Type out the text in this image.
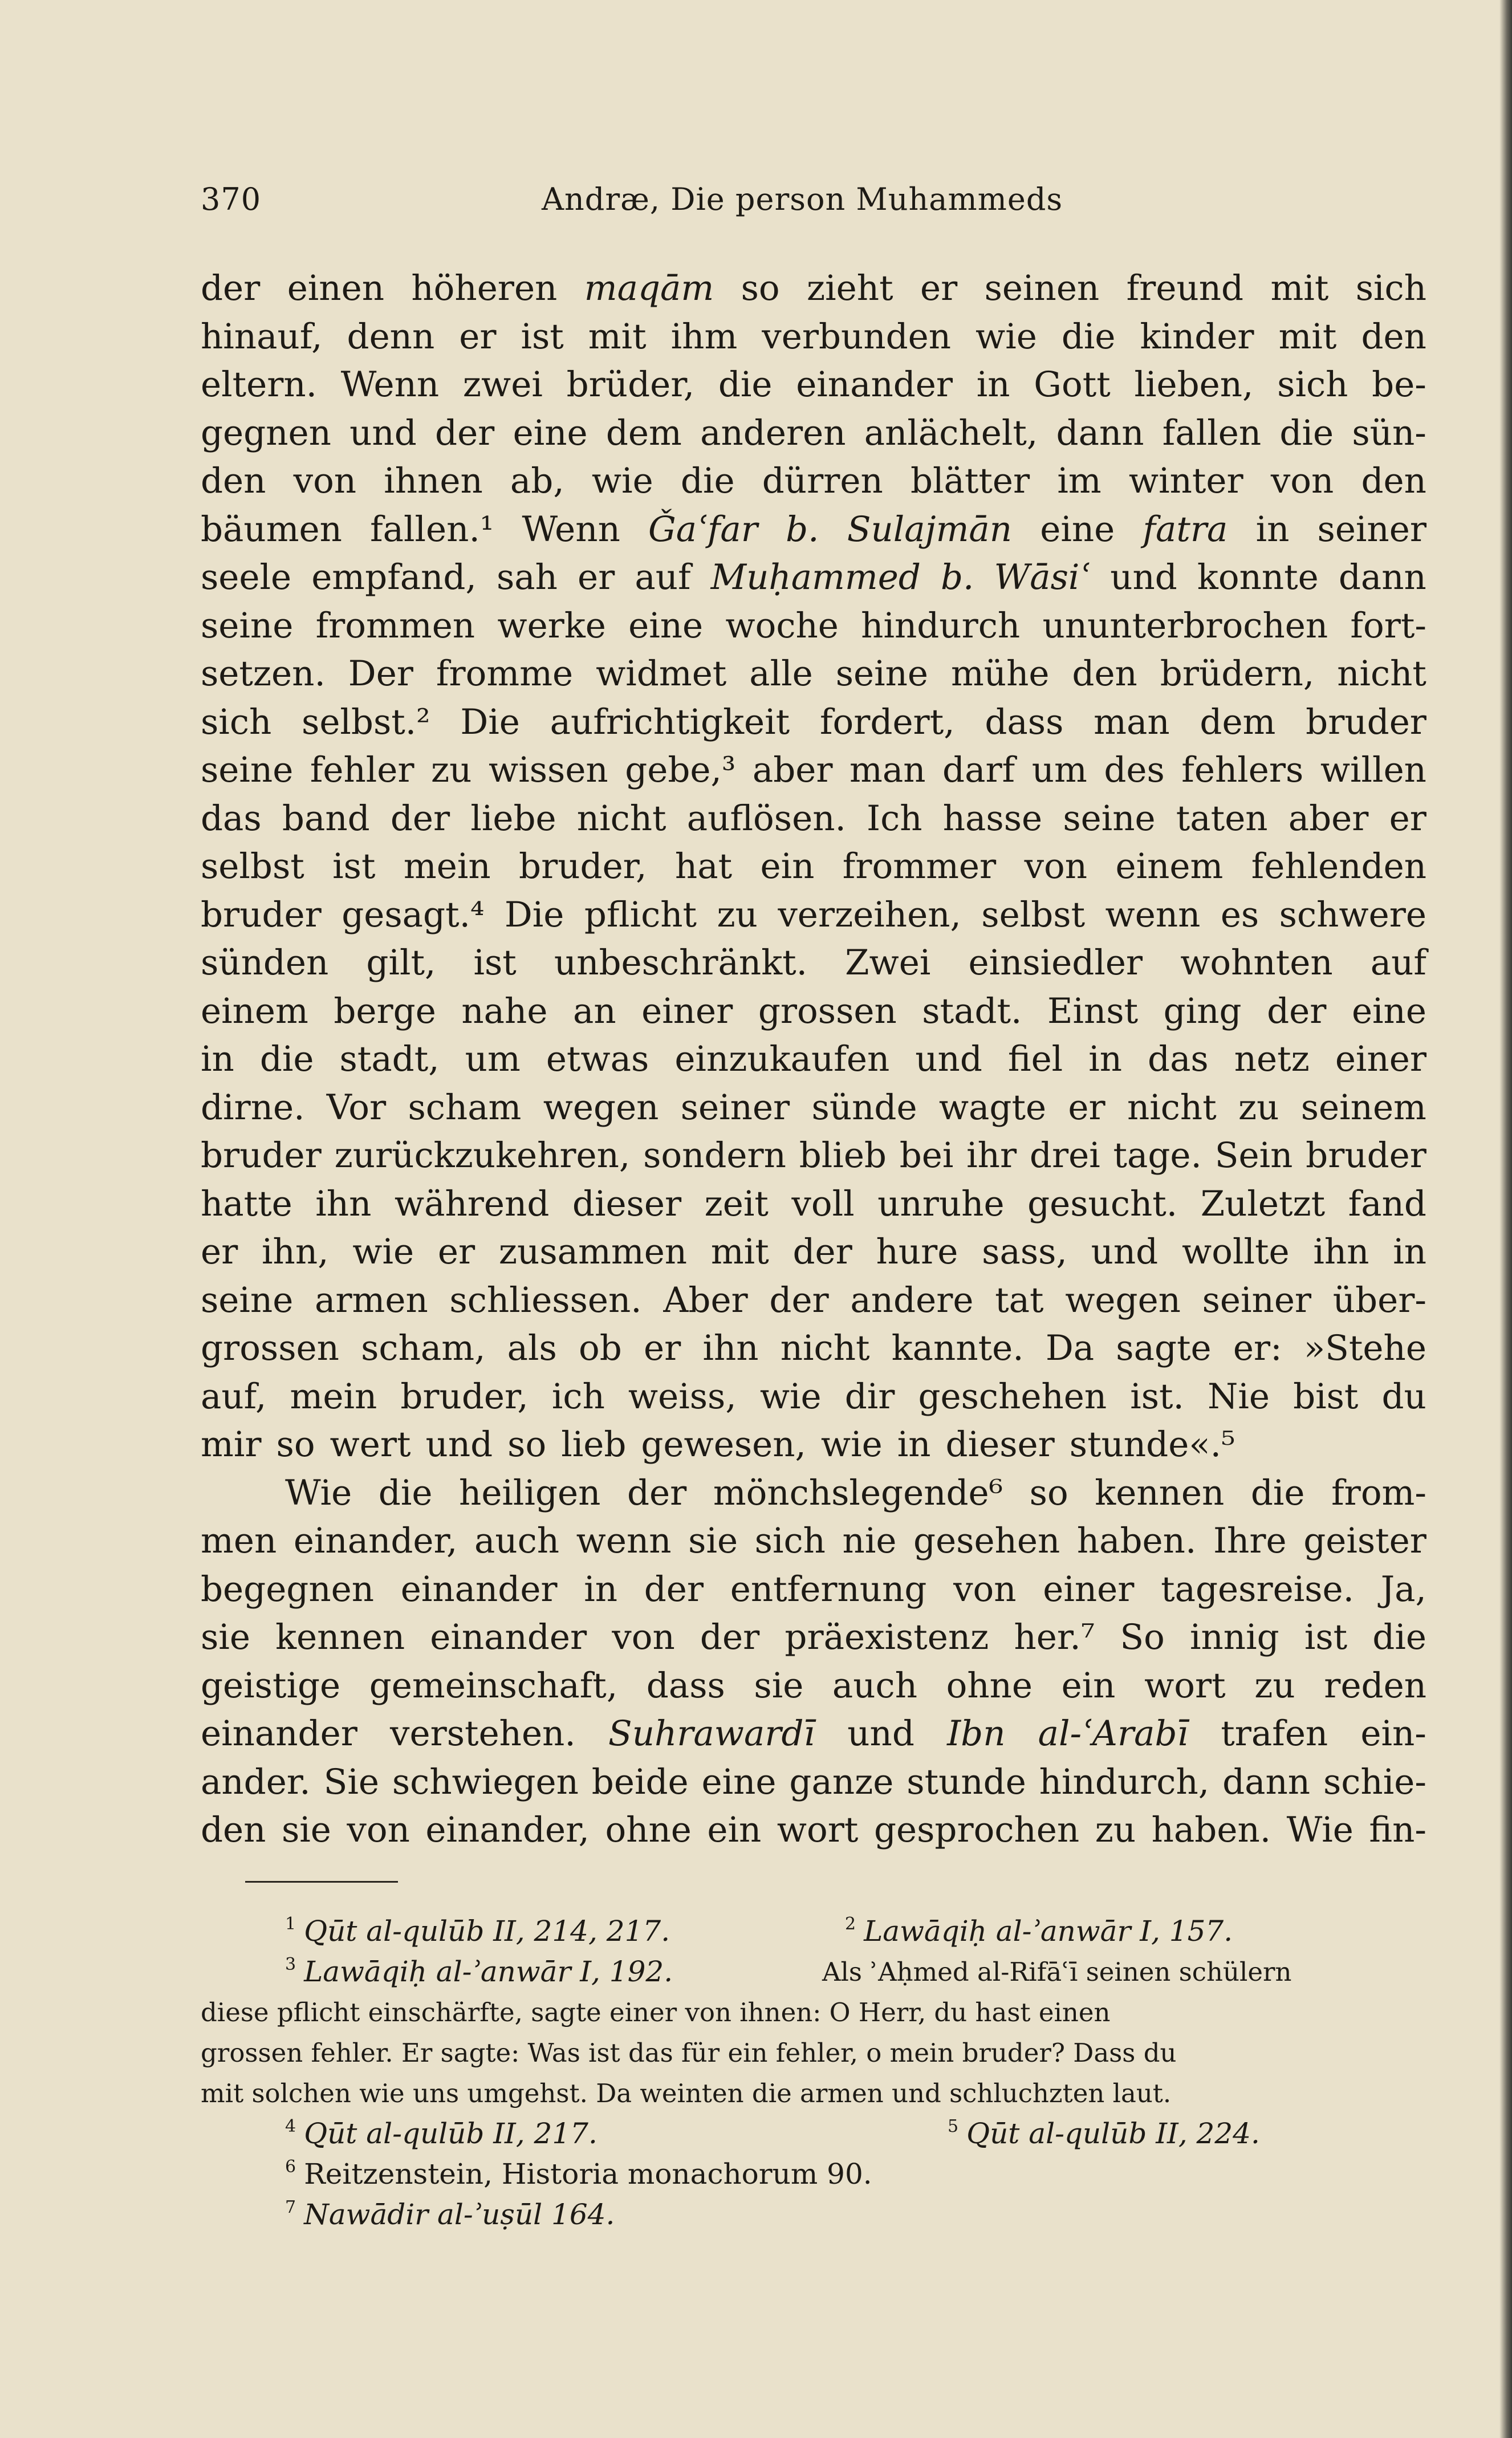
370	Andræ, Die person Muhammeds
der einen höheren maqām so zieht er seinen freund mit sich
hinauf, denn er ist mit ihm verbunden wie die kinder mit den
eltern. Wenn zwei brüder, die einander in Gott lieben, sich be-
gegnen und der eine dem anderen anlächelt, dann fallen die sün-
den von ihnen ab, wie die dürren blätter im winter von den
bäumen fallen.¹ Wenn Ǧaʿfar b. Sulajmān eine fatra in seiner
seele empfand, sah er auf Muḥammed b. Wāsiʿ und konnte dann
seine frommen werke eine woche hindurch ununterbrochen fort-
setzen. Der fromme widmet alle seine mühe den brüdern, nicht
sich selbst.² Die aufrichtigkeit fordert, dass man dem bruder
seine fehler zu wissen gebe,³ aber man darf um des fehlers willen
das band der liebe nicht auflösen. Ich hasse seine taten aber er
selbst ist mein bruder, hat ein frommer von einem fehlenden
bruder gesagt.⁴ Die pflicht zu verzeihen, selbst wenn es schwere
sünden gilt, ist unbeschränkt. Zwei einsiedler wohnten auf
einem berge nahe an einer grossen stadt. Einst ging der eine
in die stadt, um etwas einzukaufen und fiel in das netz einer
dirne. Vor scham wegen seiner sünde wagte er nicht zu seinem
bruder zurückzukehren, sondern blieb bei ihr drei tage. Sein bruder
hatte ihn während dieser zeit voll unruhe gesucht. Zuletzt fand
er ihn, wie er zusammen mit der hure sass, und wollte ihn in
seine armen schliessen. Aber der andere tat wegen seiner über-
grossen scham, als ob er ihn nicht kannte. Da sagte er: »Stehe
auf, mein bruder, ich weiss, wie dir geschehen ist. Nie bist du
mir so wert und so lieb gewesen, wie in dieser stunde«.⁵
Wie die heiligen der mönchslegende⁶ so kennen die from-
men einander, auch wenn sie sich nie gesehen haben. Ihre geister
begegnen einander in der entfernung von einer tagesreise. Ja,
sie kennen einander von der präexistenz her.⁷ So innig ist die
geistige gemeinschaft, dass sie auch ohne ein wort zu reden
einander verstehen. Suhrawardī und Ibn al-ʿArabī trafen ein-
ander. Sie schwiegen beide eine ganze stunde hindurch, dann schie-
den sie von einander, ohne ein wort gesprochen zu haben. Wie fin-
$^1$ Qūt al-qulūb II, 214, 217.	$^2$ Lawāqiḥ al-ʾanwār I, 157.
$^3$ Lawāqiḥ al-ʾanwār I, 192.	Als ʾAḥmed al-Rifāʿī seinen schülern
diese pflicht einschärfte, sagte einer von ihnen: O Herr, du hast einen
grossen fehler. Er sagte: Was ist das für ein fehler, o mein bruder? Dass du
mit solchen wie uns umgehst. Da weinten die armen und schluchzten laut.
$^4$ Qūt al-qulūb II, 217.	$^5$ Qūt al-qulūb II, 224.
$^6$ Reitzenstein, Historia monachorum 90.
$^7$ Nawādir al-ʾuṣūl 164.
